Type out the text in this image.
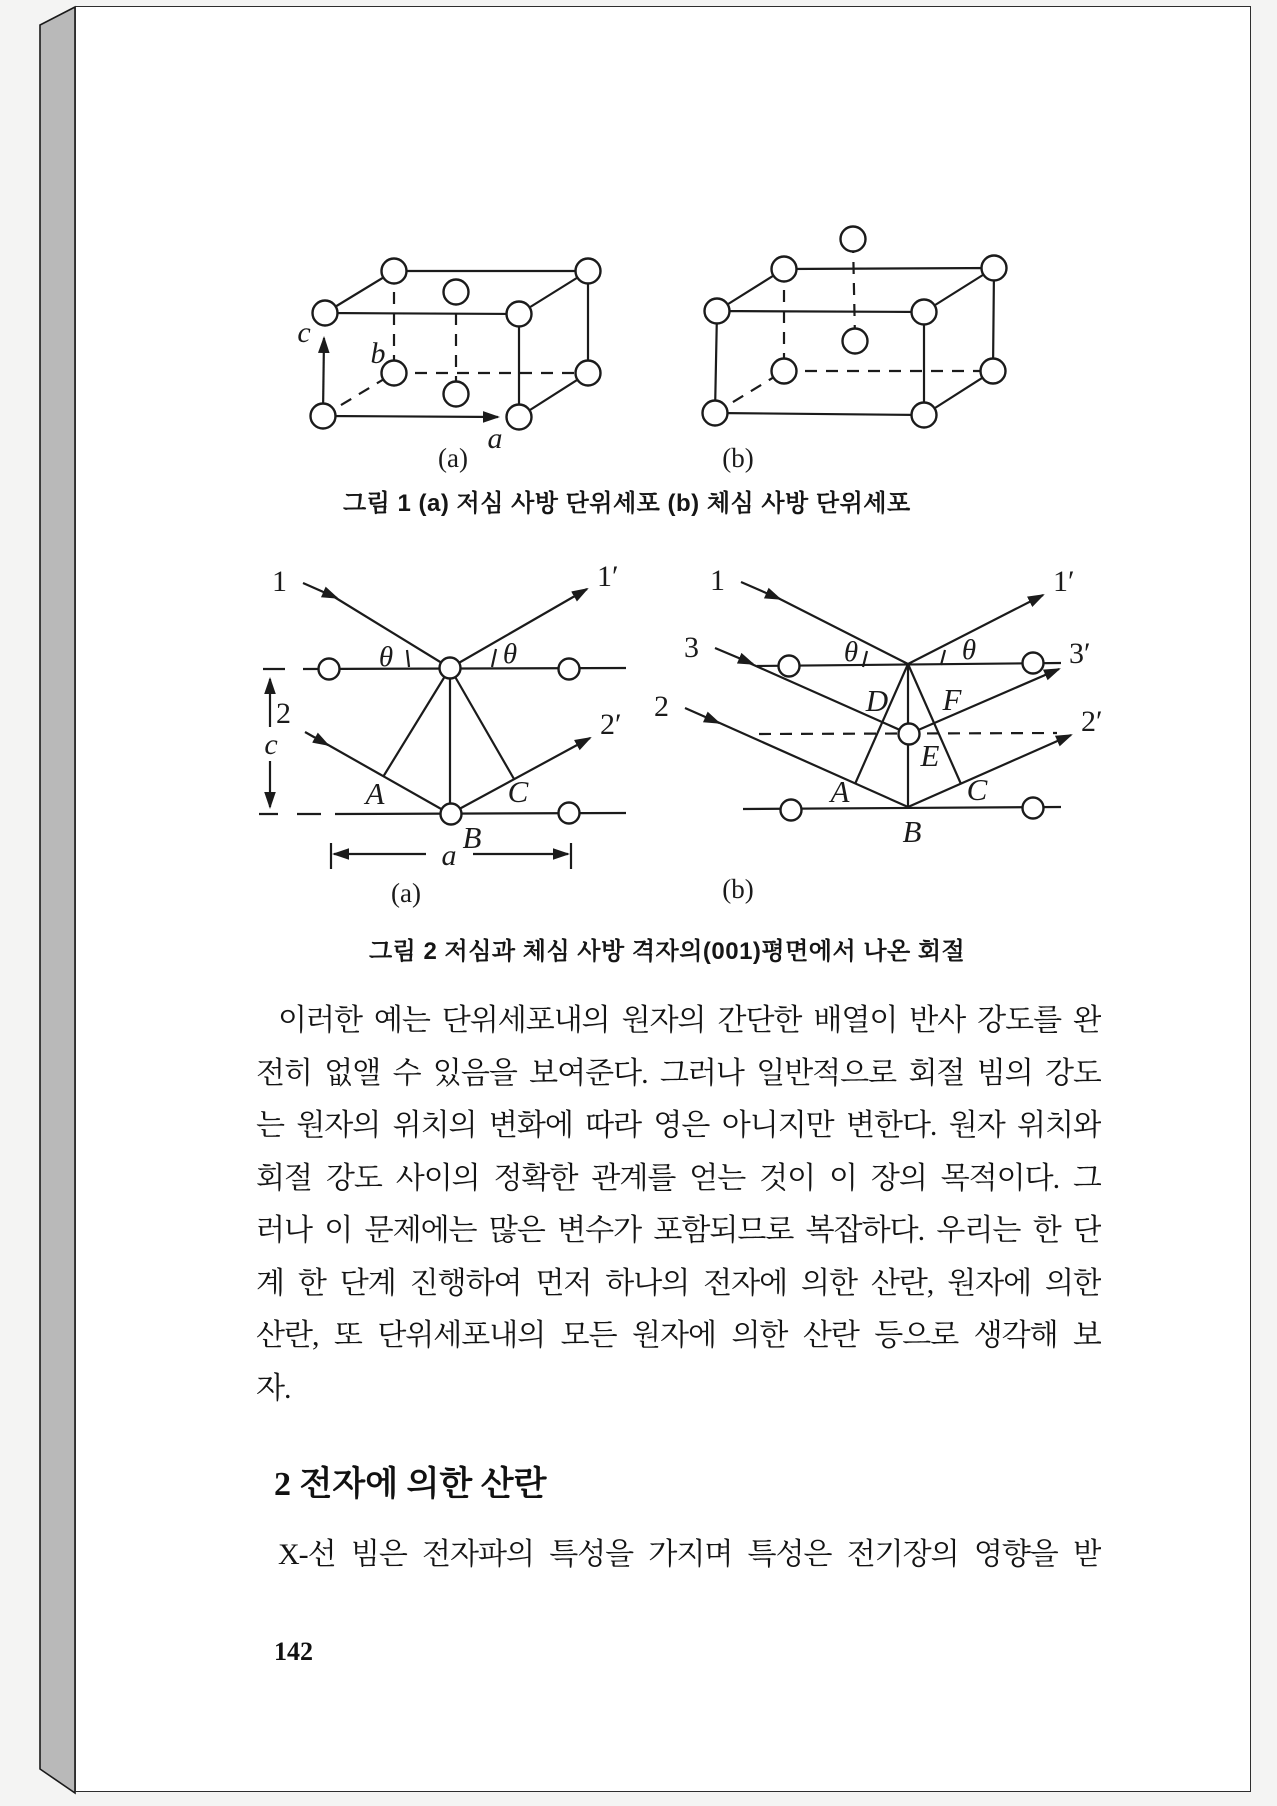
c
b
a
(a)	(b)
그림 1 (a) 저심 사방 단위세포 (b) 체심 사방 단위세포
1	1′
2	2′
θ	θ
c
A
B
C
a
(a)
1	1′
3	3′
2	2′
θ	θ
D F
E
A
B
C
(b)
그림 2 저심과 체심 사방 격자의(001)평면에서 나온 회절
이러한 예는 단위세포내의 원자의 간단한 배열이 반사 강도를 완
전히 없앨 수 있음을 보여준다. 그러나 일반적으로 회절 빔의 강도
는 원자의 위치의 변화에 따라 영은 아니지만 변한다. 원자 위치와
회절 강도 사이의 정확한 관계를 얻는 것이 이 장의 목적이다. 그
러나 이 문제에는 많은 변수가 포함되므로 복잡하다. 우리는 한 단
계 한 단계 진행하여 먼저 하나의 전자에 의한 산란, 원자에 의한
산란, 또 단위세포내의 모든 원자에 의한 산란 등으로 생각해 보
자.
2 전자에 의한 산란
X-선 빔은 전자파의 특성을 가지며 특성은 전기장의 영향을 받
142
